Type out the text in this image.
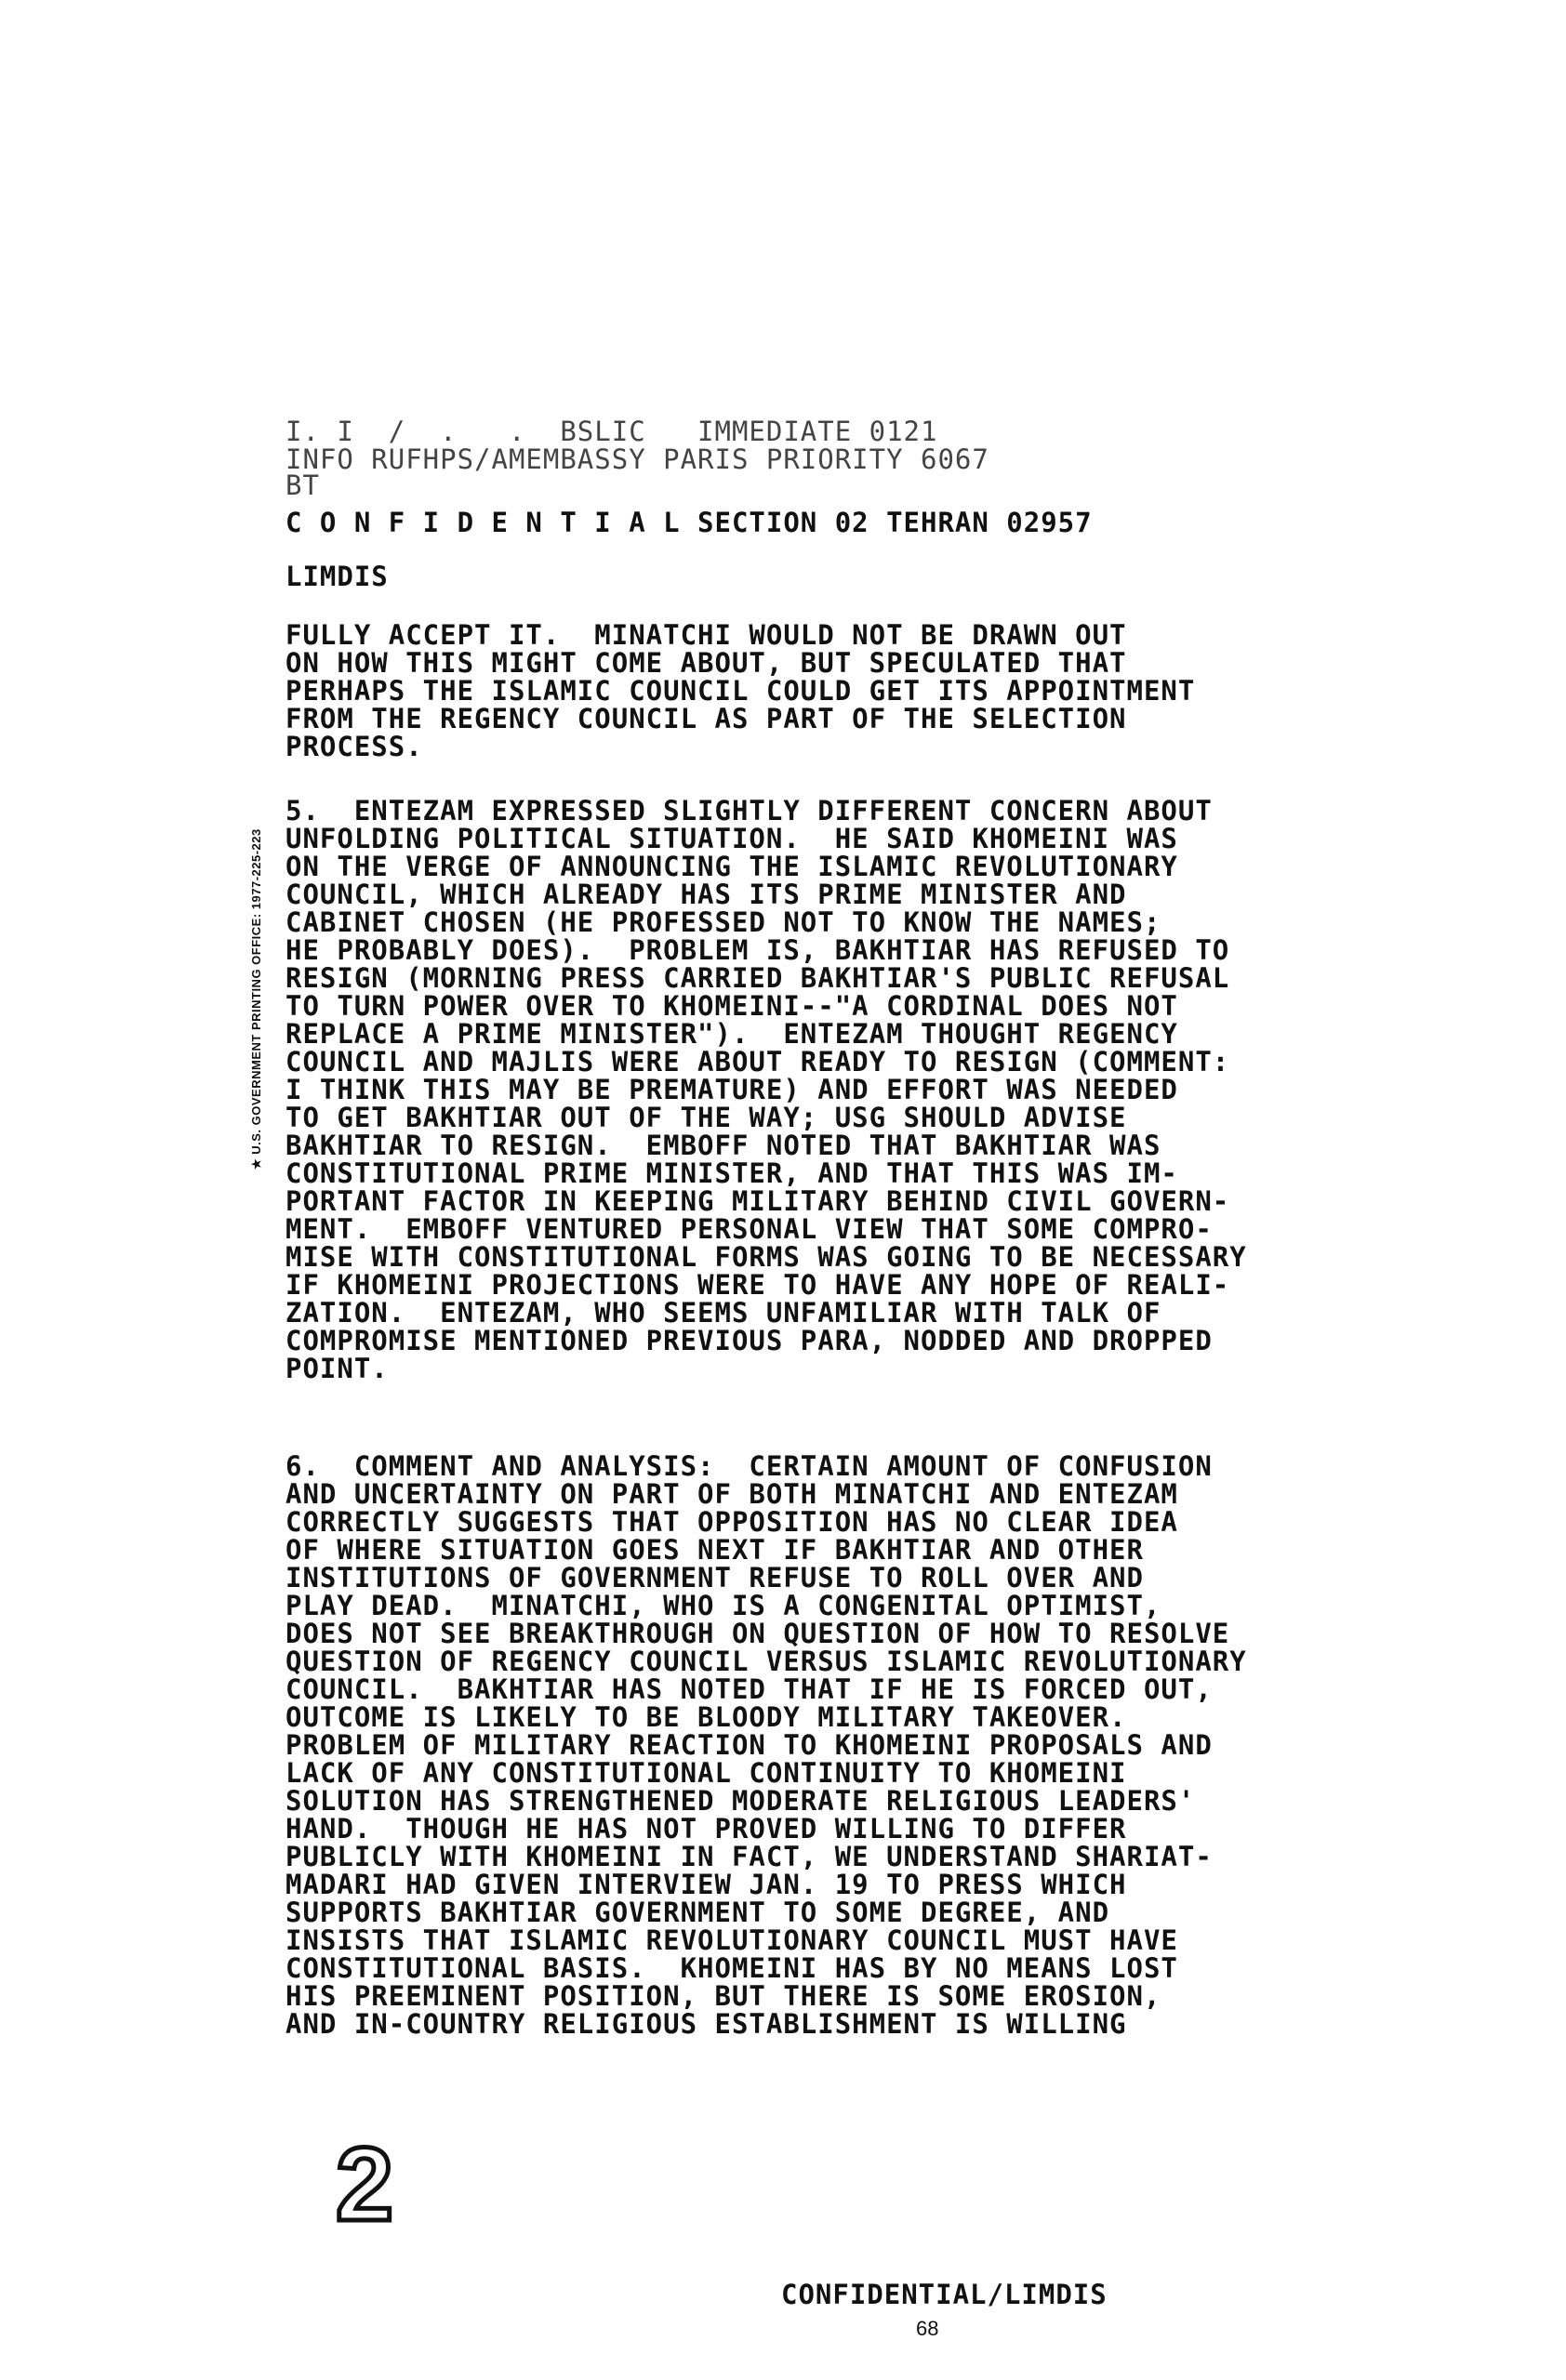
I. I  /  .   .  BSLIC   IMMEDIATE 0121
INFO RUFHPS/AMEMBASSY PARIS PRIORITY 6067
BT
C O N F I D E N T I A L SECTION 02 TEHRAN 02957
LIMDIS
FULLY ACCEPT IT.  MINATCHI WOULD NOT BE DRAWN OUT
ON HOW THIS MIGHT COME ABOUT, BUT SPECULATED THAT
PERHAPS THE ISLAMIC COUNCIL COULD GET ITS APPOINTMENT
FROM THE REGENCY COUNCIL AS PART OF THE SELECTION
PROCESS.
5.  ENTEZAM EXPRESSED SLIGHTLY DIFFERENT CONCERN ABOUT
UNFOLDING POLITICAL SITUATION.  HE SAID KHOMEINI WAS
ON THE VERGE OF ANNOUNCING THE ISLAMIC REVOLUTIONARY
COUNCIL, WHICH ALREADY HAS ITS PRIME MINISTER AND
CABINET CHOSEN (HE PROFESSED NOT TO KNOW THE NAMES;
HE PROBABLY DOES).  PROBLEM IS, BAKHTIAR HAS REFUSED TO
RESIGN (MORNING PRESS CARRIED BAKHTIAR'S PUBLIC REFUSAL
TO TURN POWER OVER TO KHOMEINI--"A CORDINAL DOES NOT
REPLACE A PRIME MINISTER").  ENTEZAM THOUGHT REGENCY
COUNCIL AND MAJLIS WERE ABOUT READY TO RESIGN (COMMENT:
I THINK THIS MAY BE PREMATURE) AND EFFORT WAS NEEDED
TO GET BAKHTIAR OUT OF THE WAY; USG SHOULD ADVISE
BAKHTIAR TO RESIGN.  EMBOFF NOTED THAT BAKHTIAR WAS
CONSTITUTIONAL PRIME MINISTER, AND THAT THIS WAS IM-
PORTANT FACTOR IN KEEPING MILITARY BEHIND CIVIL GOVERN-
MENT.  EMBOFF VENTURED PERSONAL VIEW THAT SOME COMPRO-
MISE WITH CONSTITUTIONAL FORMS WAS GOING TO BE NECESSARY
IF KHOMEINI PROJECTIONS WERE TO HAVE ANY HOPE OF REALI-
ZATION.  ENTEZAM, WHO SEEMS UNFAMILIAR WITH TALK OF
COMPROMISE MENTIONED PREVIOUS PARA, NODDED AND DROPPED
POINT.
6.  COMMENT AND ANALYSIS:  CERTAIN AMOUNT OF CONFUSION
AND UNCERTAINTY ON PART OF BOTH MINATCHI AND ENTEZAM
CORRECTLY SUGGESTS THAT OPPOSITION HAS NO CLEAR IDEA
OF WHERE SITUATION GOES NEXT IF BAKHTIAR AND OTHER
INSTITUTIONS OF GOVERNMENT REFUSE TO ROLL OVER AND
PLAY DEAD.  MINATCHI, WHO IS A CONGENITAL OPTIMIST,
DOES NOT SEE BREAKTHROUGH ON QUESTION OF HOW TO RESOLVE
QUESTION OF REGENCY COUNCIL VERSUS ISLAMIC REVOLUTIONARY
COUNCIL.  BAKHTIAR HAS NOTED THAT IF HE IS FORCED OUT,
OUTCOME IS LIKELY TO BE BLOODY MILITARY TAKEOVER.
PROBLEM OF MILITARY REACTION TO KHOMEINI PROPOSALS AND
LACK OF ANY CONSTITUTIONAL CONTINUITY TO KHOMEINI
SOLUTION HAS STRENGTHENED MODERATE RELIGIOUS LEADERS'
HAND.  THOUGH HE HAS NOT PROVED WILLING TO DIFFER
PUBLICLY WITH KHOMEINI IN FACT, WE UNDERSTAND SHARIAT-
MADARI HAD GIVEN INTERVIEW JAN. 19 TO PRESS WHICH
SUPPORTS BAKHTIAR GOVERNMENT TO SOME DEGREE, AND
INSISTS THAT ISLAMIC REVOLUTIONARY COUNCIL MUST HAVE
CONSTITUTIONAL BASIS.  KHOMEINI HAS BY NO MEANS LOST
HIS PREEMINENT POSITION, BUT THERE IS SOME EROSION,
AND IN-COUNTRY RELIGIOUS ESTABLISHMENT IS WILLING
CONFIDENTIAL/LIMDIS
68
★ U.S. GOVERNMENT PRINTING OFFICE: 1977-225-223
2
